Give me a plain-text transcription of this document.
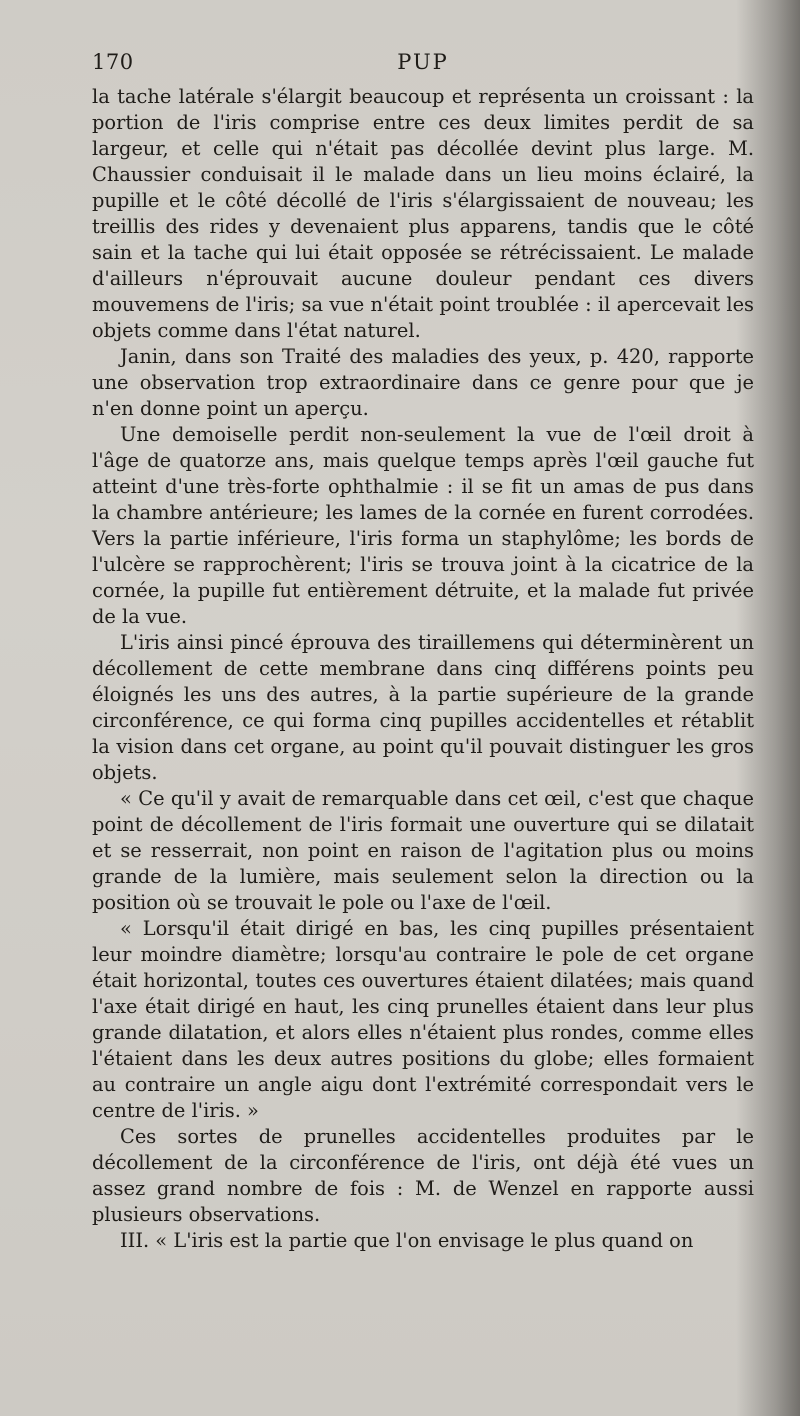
170	PUP

la tache latérale s'élargit beaucoup et représenta un croissant : la portion de l'iris comprise entre ces deux limites perdit de sa largeur, et celle qui n'était pas décollée devint plus large. M. Chaussier conduisait il le malade dans un lieu moins éclairé, la pupille et le côté décollé de l'iris s'élargissaient de nouveau; les treillis des rides y devenaient plus apparens, tandis que le côté sain et la tache qui lui était opposée se rétrécissaient. Le malade d'ailleurs n'éprouvait aucune douleur pendant ces divers mouvemens de l'iris; sa vue n'était point troublée : il apercevait les objets comme dans l'état naturel.

Janin, dans son Traité des maladies des yeux, p. 420, rapporte une observation trop extraordinaire dans ce genre pour que je n'en donne point un aperçu.

Une demoiselle perdit non-seulement la vue de l'œil droit à l'âge de quatorze ans, mais quelque temps après l'œil gauche fut atteint d'une très-forte ophthalmie : il se fit un amas de pus dans la chambre antérieure; les lames de la cornée en furent corrodées. Vers la partie inférieure, l'iris forma un staphylôme; les bords de l'ulcère se rapprochèrent; l'iris se trouva joint à la cicatrice de la cornée, la pupille fut entièrement détruite, et la malade fut privée de la vue.

L'iris ainsi pincé éprouva des tiraillemens qui déterminèrent un décollement de cette membrane dans cinq différens points peu éloignés les uns des autres, à la partie supérieure de la grande circonférence, ce qui forma cinq pupilles accidentelles et rétablit la vision dans cet organe, au point qu'il pouvait distinguer les gros objets.

« Ce qu'il y avait de remarquable dans cet œil, c'est que chaque point de décollement de l'iris formait une ouverture qui se dilatait et se resserrait, non point en raison de l'agitation plus ou moins grande de la lumière, mais seulement selon la direction ou la position où se trouvait le pole ou l'axe de l'œil.

« Lorsqu'il était dirigé en bas, les cinq pupilles présentaient leur moindre diamètre; lorsqu'au contraire le pole de cet organe était horizontal, toutes ces ouvertures étaient dilatées; mais quand l'axe était dirigé en haut, les cinq prunelles étaient dans leur plus grande dilatation, et alors elles n'étaient plus rondes, comme elles l'étaient dans les deux autres positions du globe; elles formaient au contraire un angle aigu dont l'extrémité correspondait vers le centre de l'iris. »

Ces sortes de prunelles accidentelles produites par le décollement de la circonférence de l'iris, ont déjà été vues un assez grand nombre de fois : M. de Wenzel en rapporte aussi plusieurs observations.

III. « L'iris est la partie que l'on envisage le plus quand on
